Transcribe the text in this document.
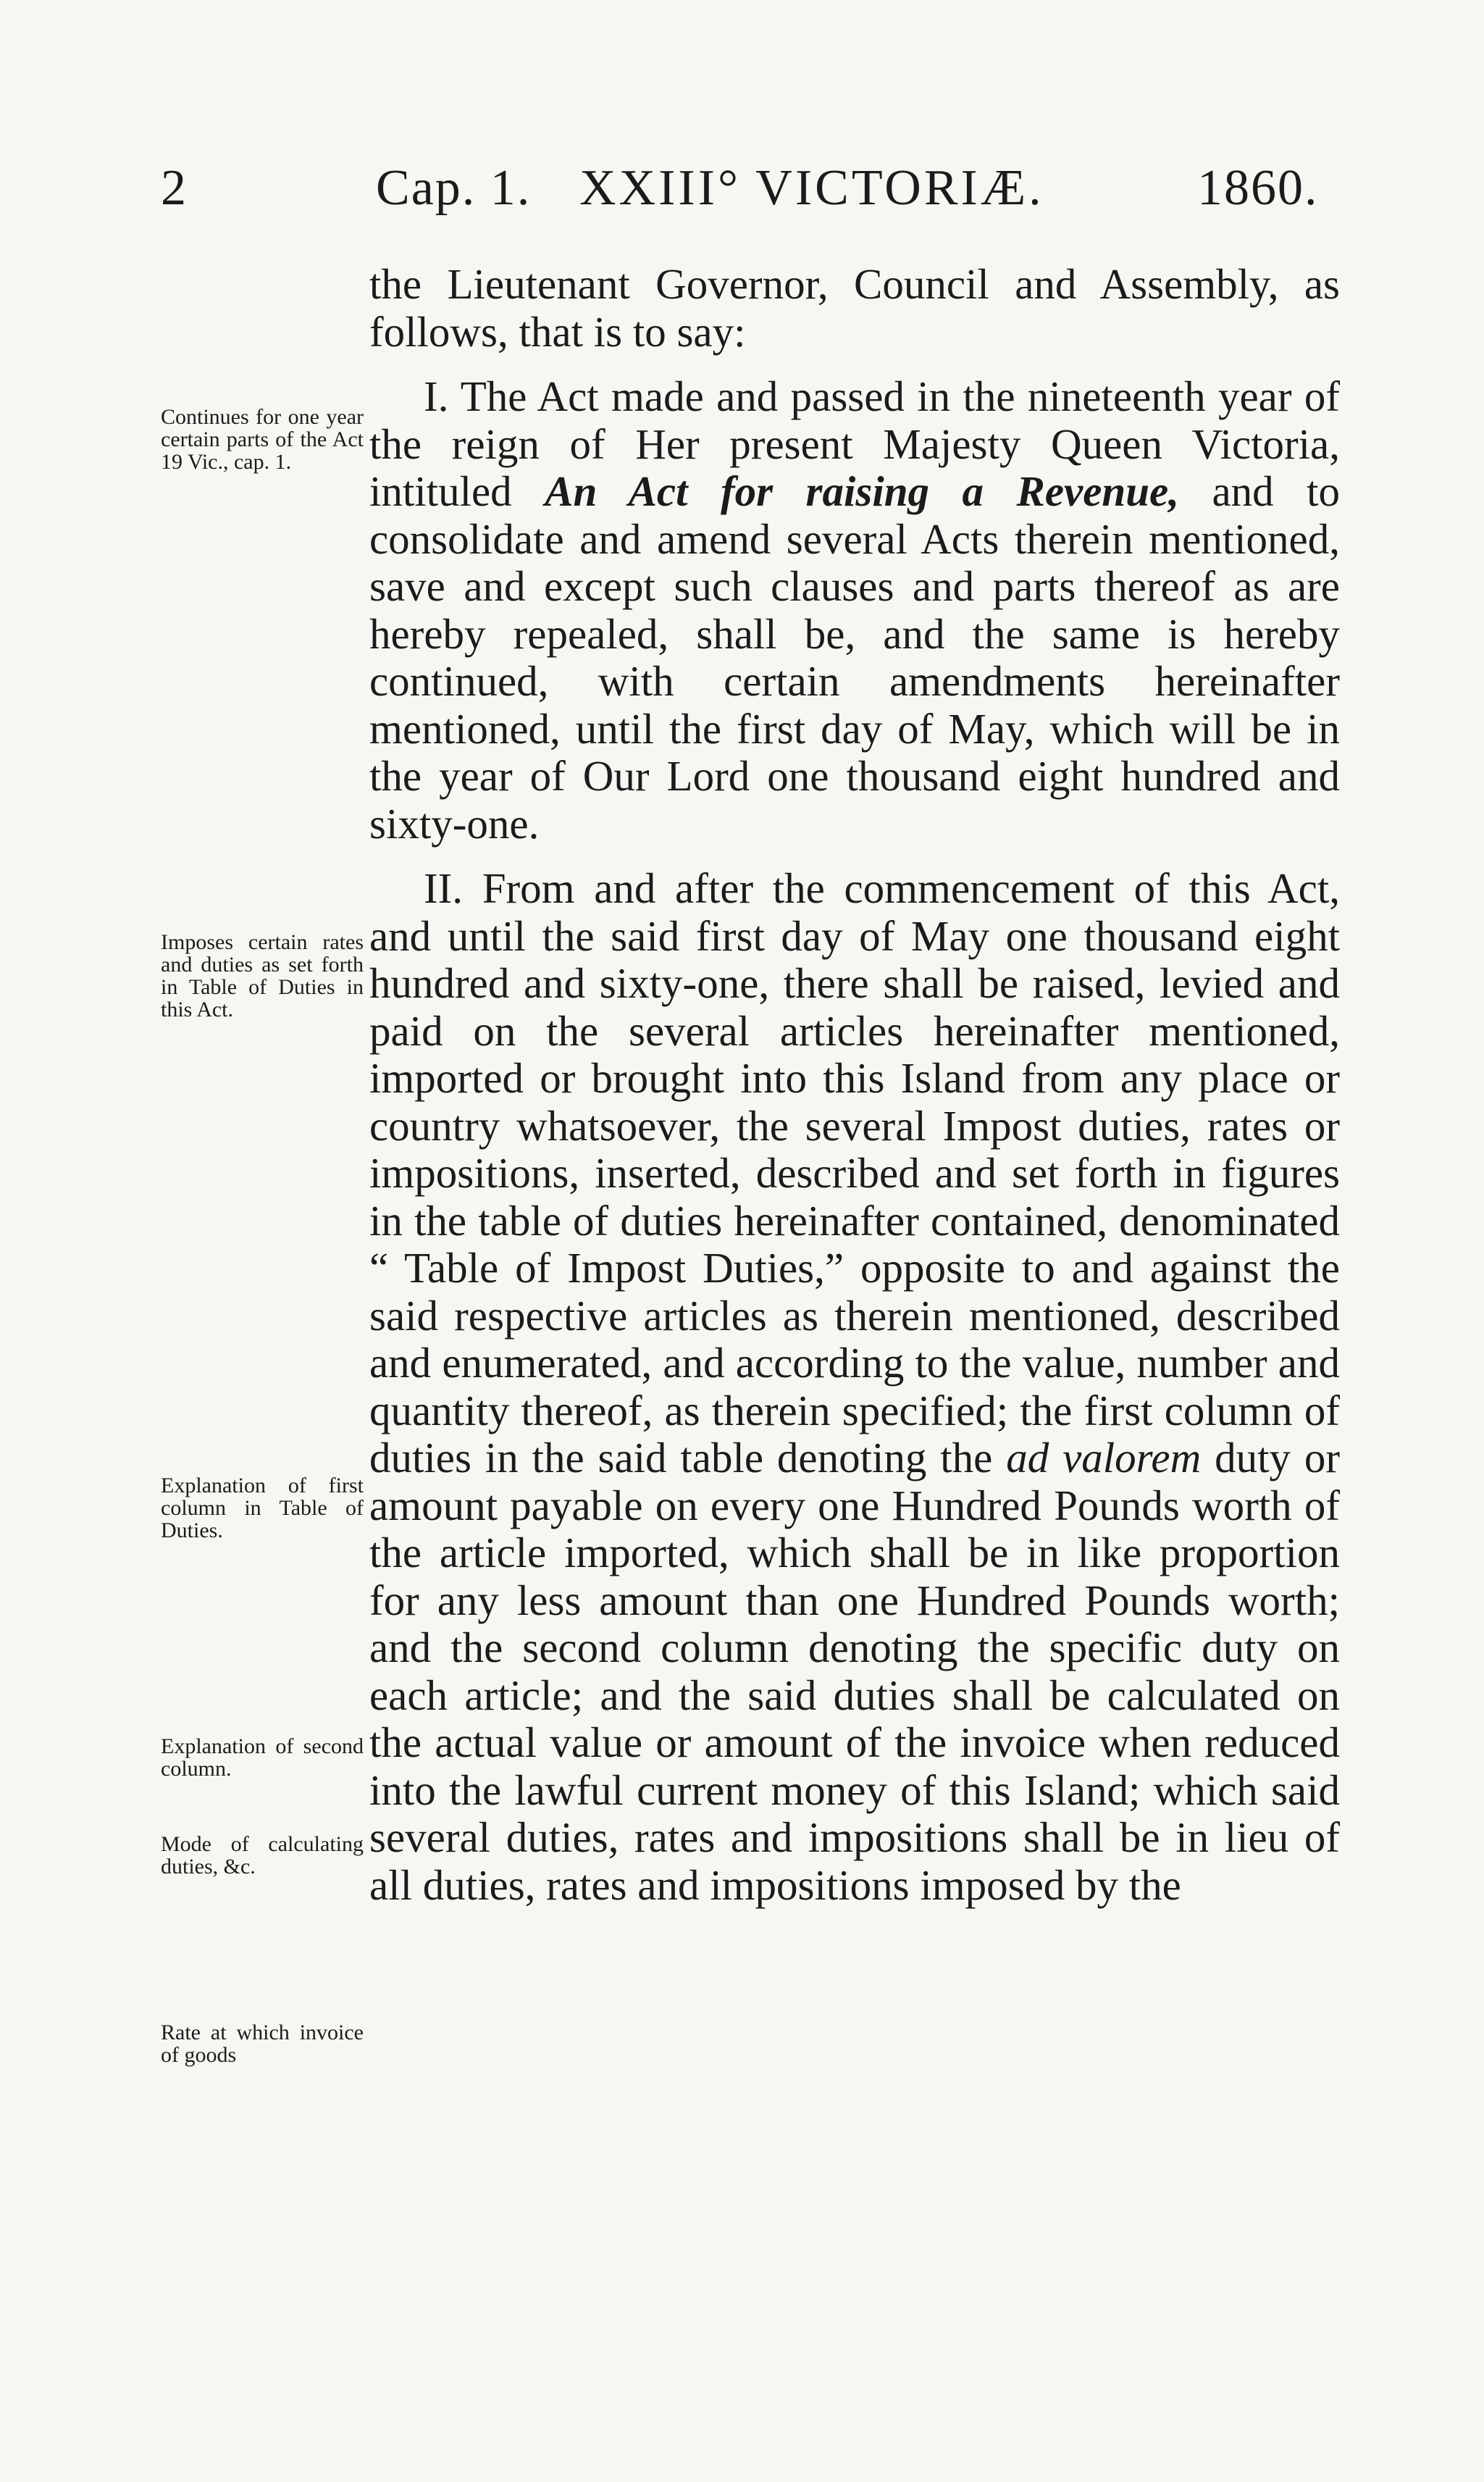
2	Cap. 1. XXIII° VICTORIÆ.	1860.

the Lieutenant Governor, Council and Assembly, as follows, that is to say:

I. The Act made and passed in the nineteenth year of the reign of Her present Majesty Queen Victoria, intituled An Act for raising a Revenue, and to consolidate and amend several Acts therein mentioned, save and except such clauses and parts thereof as are hereby repealed, shall be, and the same is hereby continued, with certain amendments hereinafter mentioned, until the first day of May, which will be in the year of Our Lord one thousand eight hundred and sixty-one.

II. From and after the commencement of this Act, and until the said first day of May one thousand eight hundred and sixty-one, there shall be raised, levied and paid on the several articles hereinafter mentioned, imported or brought into this Island from any place or country whatsoever, the several Impost duties, rates or impositions, inserted, described and set forth in figures in the table of duties hereinafter contained, denominated “ Table of Impost Duties,” opposite to and against the said respective articles as therein mentioned, described and enumerated, and according to the value, number and quantity thereof, as therein specified; the first column of duties in the said table denoting the ad valorem duty or amount payable on every one Hundred Pounds worth of the article imported, which shall be in like proportion for any less amount than one Hundred Pounds worth; and the second column denoting the specific duty on each article; and the said duties shall be calculated on the actual value or amount of the invoice when reduced into the lawful current money of this Island; which said several duties, rates and impositions shall be in lieu of all duties, rates and impositions imposed by the

Continues for one year certain parts of the Act 19 Vic., cap. 1.
Imposes certain rates and duties as set forth in Table of Duties in this Act.
Explanation of first column in Table of Duties.
Explanation of second column.
Mode of calculating duties, &c.
Rate at which invoice of goods
